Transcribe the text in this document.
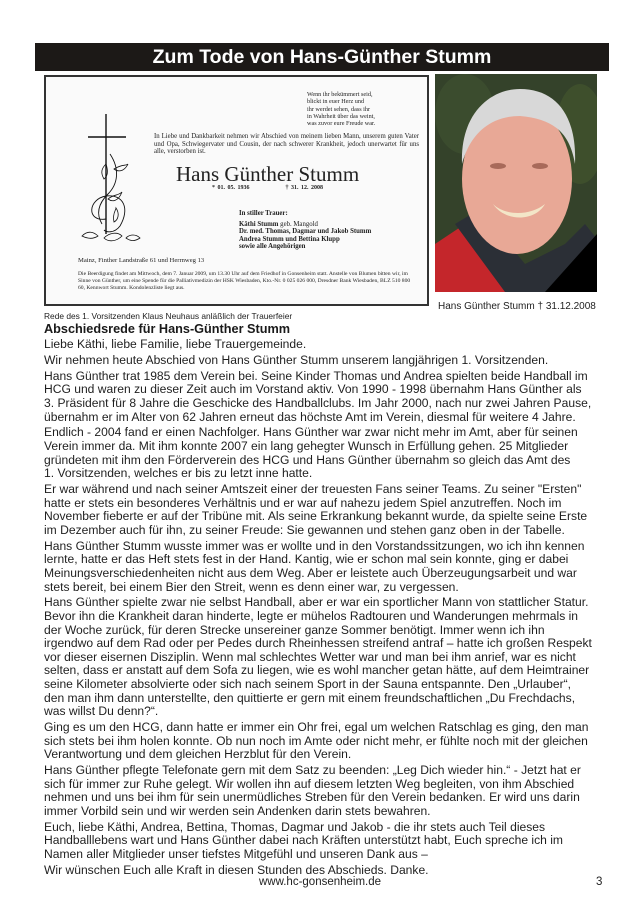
Zum Tode von Hans-Günther Stumm
Wenn ihr bekümmert seid,
blickt in euer Herz und
ihr werdet sehen, dass ihr
in Wahrheit über das weint,
was zuvor eure Freude war.
In Liebe und Dankbarkeit nehmen wir Abschied von meinem lieben Mann, unserem guten Vater und Opa, Schwiegervater und Cousin, der nach schwerer Krankheit, jedoch unerwartet für uns alle, verstorben ist.
Hans Günther Stumm
* 01. 05. 1936	† 31. 12. 2008
In stiller Trauer:
Käthi Stumm geb. Mangold
Dr. med. Thomas, Dagmar und Jakob Stumm
Andrea Stumm und Bettina Klupp
sowie alle Angehörigen
Mainz, Finther Landstraße 61 und Herrnweg 13
Die Beerdigung findet am Mittwoch, dem 7. Januar 2009, um 13.30 Uhr auf dem Friedhof in Gonsenheim statt. Anstelle von Blumen bitten wir, im Sinne von Günther, um eine Spende für die Palliativmedizin der HSK Wiesbaden, Kto.-Nr. 0 025 026 000, Dresdner Bank Wiesbaden, BLZ 510 800 60, Kennwort Stumm. Kondolenzliste liegt aus.
Hans Günther Stumm † 31.12.2008
Rede des 1. Vorsitzenden Klaus Neuhaus anläßlich der Trauerfeier
Abschiedsrede für Hans-Günther Stumm

Liebe Käthi, liebe Familie, liebe Trauergemeinde.

Wir nehmen heute Abschied von Hans Günther Stumm unserem langjährigen 1. Vorsitzenden.

Hans Günther trat 1985 dem Verein bei. Seine Kinder Thomas und Andrea spielten beide Handball im
HCG und waren zu dieser Zeit auch im Vorstand aktiv. Von 1990 - 1998 übernahm Hans Günther als
3. Präsident für 8 Jahre die Geschicke des Handballclubs. Im Jahr 2000, nach nur zwei Jahren Pause,
übernahm er im Alter von 62 Jahren erneut das höchste Amt im Verein, diesmal für weitere 4 Jahre.

Endlich - 2004 fand er einen Nachfolger. Hans Günther war zwar nicht mehr im Amt, aber für seinen
Verein immer da. Mit ihm konnte 2007 ein lang gehegter Wunsch in Erfüllung gehen. 25 Mitglieder
gründeten mit ihm den Förderverein des HCG und Hans Günther übernahm so gleich das Amt des
1. Vorsitzenden, welches er bis zu letzt inne hatte.

Er war während und nach seiner Amtszeit einer der treuesten Fans seiner Teams. Zu seiner "Ersten"
hatte er stets ein besonderes Verhältnis und er war auf nahezu jedem Spiel anzutreffen. Noch im
November fieberte er auf der Tribüne mit. Als seine Erkrankung bekannt wurde, da spielte seine Erste
im Dezember auch für ihn, zu seiner Freude: Sie gewannen und stehen ganz oben in der Tabelle.

Hans Günther Stumm wusste immer was er wollte und in den Vorstandssitzungen, wo ich ihn kennen
lernte, hatte er das Heft stets fest in der Hand. Kantig, wie er schon mal sein konnte, ging er dabei
Meinungsverschiedenheiten nicht aus dem Weg. Aber er leistete auch Überzeugungsarbeit und war
stets bereit, bei einem Bier den Streit, wenn es denn einer war, zu vergessen.

Hans Günther spielte zwar nie selbst Handball, aber er war ein sportlicher Mann von stattlicher Statur.
Bevor ihn die Krankheit daran hinderte, legte er mühelos Radtouren und Wanderungen mehrmals in
der Woche zurück, für deren Strecke unsereiner ganze Sommer benötigt. Immer wenn ich ihn
irgendwo auf dem Rad oder per Pedes durch Rheinhessen streifend antraf – hatte ich großen Respekt
vor dieser eisernen Disziplin. Wenn mal schlechtes Wetter war und man bei ihm anrief, war es nicht
selten, dass er anstatt auf dem Sofa zu liegen, wie es wohl mancher getan hätte, auf dem Heimtrainer
seine Kilometer absolvierte oder sich nach seinem Sport in der Sauna entspannte. Den „Urlauber“,
den man ihm dann unterstellte, den quittierte er gern mit einem freundschaftlichen „Du Frechdachs,
was willst Du denn?“.

Ging es um den HCG, dann hatte er immer ein Ohr frei, egal um welchen Ratschlag es ging, den man
sich stets bei ihm holen konnte. Ob nun noch im Amte oder nicht mehr, er fühlte noch mit der gleichen
Verantwortung und dem gleichen Herzblut für den Verein.

Hans Günther pflegte Telefonate gern mit dem Satz zu beenden: „Leg Dich wieder hin.“ - Jetzt hat er
sich für immer zur Ruhe gelegt. Wir wollen ihn auf diesem letzten Weg begleiten, von ihm Abschied
nehmen und uns bei ihm für sein unermüdliches Streben für den Verein bedanken. Er wird uns darin
immer Vorbild sein und wir werden sein Andenken darin stets bewahren.

Euch, liebe Käthi, Andrea, Bettina, Thomas, Dagmar und Jakob - die ihr stets auch Teil dieses
Handballlebens wart und Hans Günther dabei nach Kräften unterstützt habt, Euch spreche ich im
Namen aller Mitglieder unser tiefstes Mitgefühl und unseren Dank aus –

Wir wünschen Euch alle Kraft in diesen Stunden des Abschieds. Danke.

www.hc-gonsenheim.de	3
